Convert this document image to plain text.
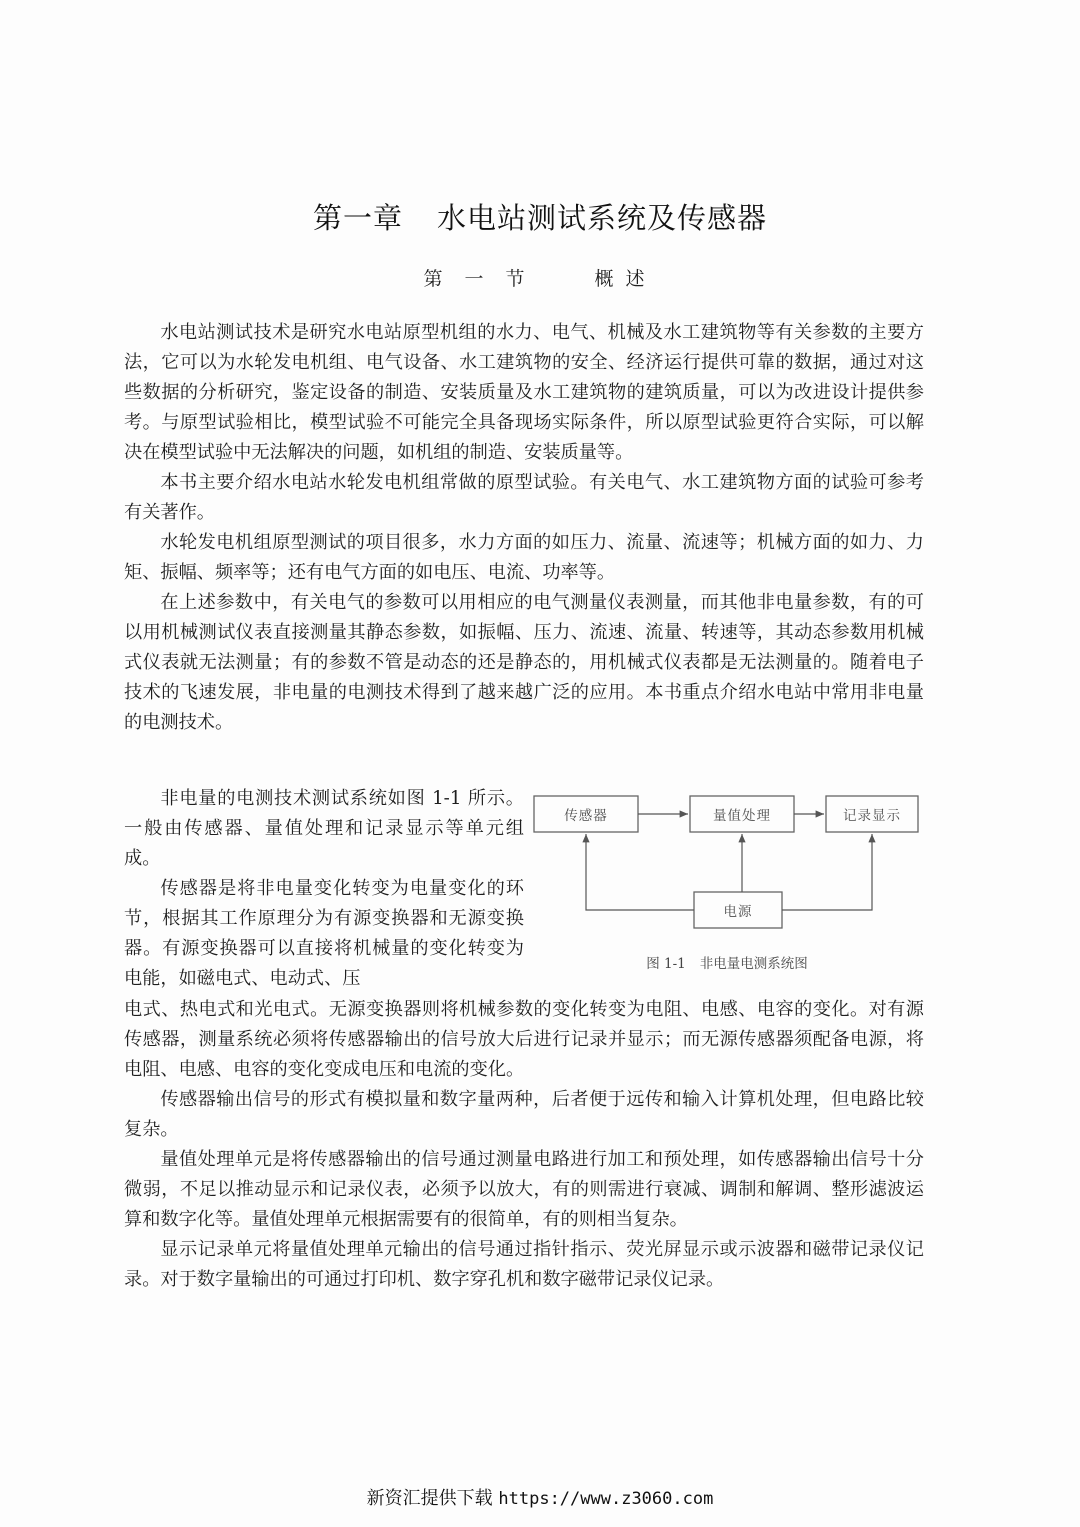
第一章 水电站测试系统及传感器
第一节	概述

水电站测试技术是研究水电站原型机组的水力、电气、机械及水工建筑物等有关参数的主要方法，它可以为水轮发电机组、电气设备、水工建筑物的安全、经济运行提供可靠的数据，通过对这些数据的分析研究，鉴定设备的制造、安装质量及水工建筑物的建筑质量，可以为改进设计提供参考。与原型试验相比，模型试验不可能完全具备现场实际条件，所以原型试验更符合实际，可以解决在模型试验中无法解决的问题，如机组的制造、安装质量等。

本书主要介绍水电站水轮发电机组常做的原型试验。有关电气、水工建筑物方面的试验可参考有关著作。

水轮发电机组原型测试的项目很多，水力方面的如压力、流量、流速等；机械方面的如力、力矩、振幅、频率等；还有电气方面的如电压、电流、功率等。

在上述参数中，有关电气的参数可以用相应的电气测量仪表测量，而其他非电量参数，有的可以用机械测试仪表直接测量其静态参数，如振幅、压力、流速、流量、转速等，其动态参数用机械式仪表就无法测量；有的参数不管是动态的还是静态的，用机械式仪表都是无法测量的。随着电子技术的飞速发展，非电量的电测技术得到了越来越广泛的应用。本书重点介绍水电站中常用非电量的电测技术。

非电量的电测技术测试系统如图 1-1 所示。一般由传感器、量值处理和记录显示等单元组成。

传感器是将非电量变化转变为电量变化的环节，根据其工作原理分为有源变换器和无源变换器。有源变换器可以直接将机械量的变化转变为电能，如磁电式、电动式、压

传感器	量值处理	记录显示
电源
图 1-1 非电量电测系统图

电式、热电式和光电式。无源变换器则将机械参数的变化转变为电阻、电感、电容的变化。对有源传感器，测量系统必须将传感器输出的信号放大后进行记录并显示；而无源传感器须配备电源，将电阻、电感、电容的变化变成电压和电流的变化。

传感器输出信号的形式有模拟量和数字量两种，后者便于远传和输入计算机处理，但电路比较复杂。

量值处理单元是将传感器输出的信号通过测量电路进行加工和预处理，如传感器输出信号十分微弱，不足以推动显示和记录仪表，必须予以放大，有的则需进行衰减、调制和解调、整形滤波运算和数字化等。量值处理单元根据需要有的很简单，有的则相当复杂。

显示记录单元将量值处理单元输出的信号通过指针指示、荧光屏显示或示波器和磁带记录仪记录。对于数字量输出的可通过打印机、数字穿孔机和数字磁带记录仪记录。

新资汇提供下载 https://www.z3060.com
